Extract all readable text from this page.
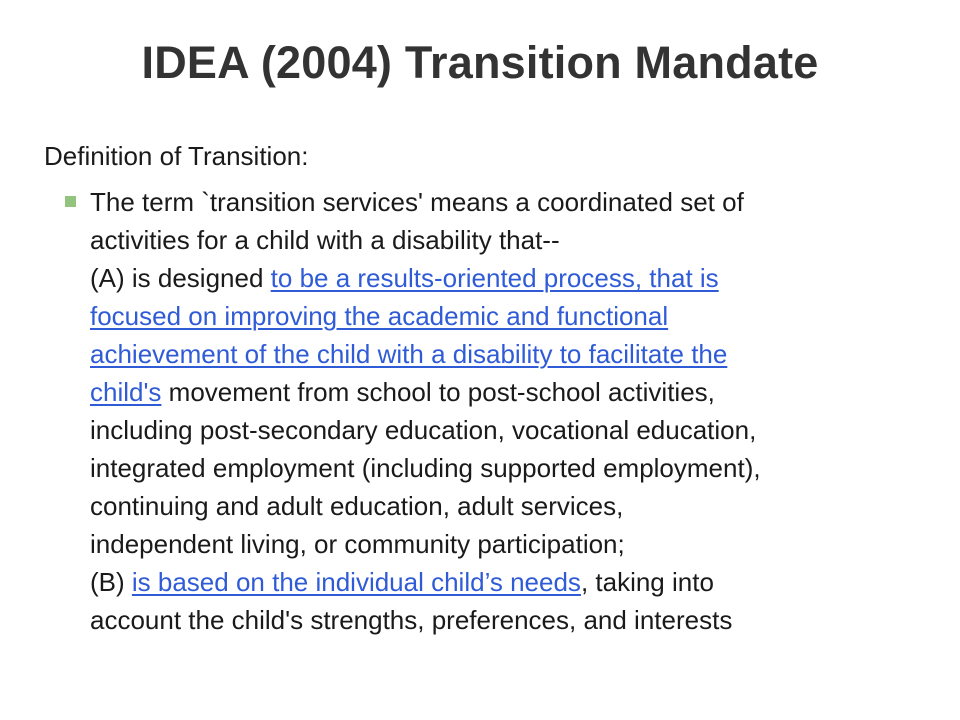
IDEA (2004) Transition Mandate
Definition of Transition:
The term `transition services' means a coordinated set of
activities for a child with a disability that--
(A) is designed to be a results-oriented process, that is
focused on improving the academic and functional
achievement of the child with a disability to facilitate the
child's movement from school to post-school activities,
including post-secondary education, vocational education,
integrated employment (including supported employment),
continuing and adult education, adult services,
independent living, or community participation;
(B) is based on the individual child’s needs, taking into
account the child's strengths, preferences, and interests
